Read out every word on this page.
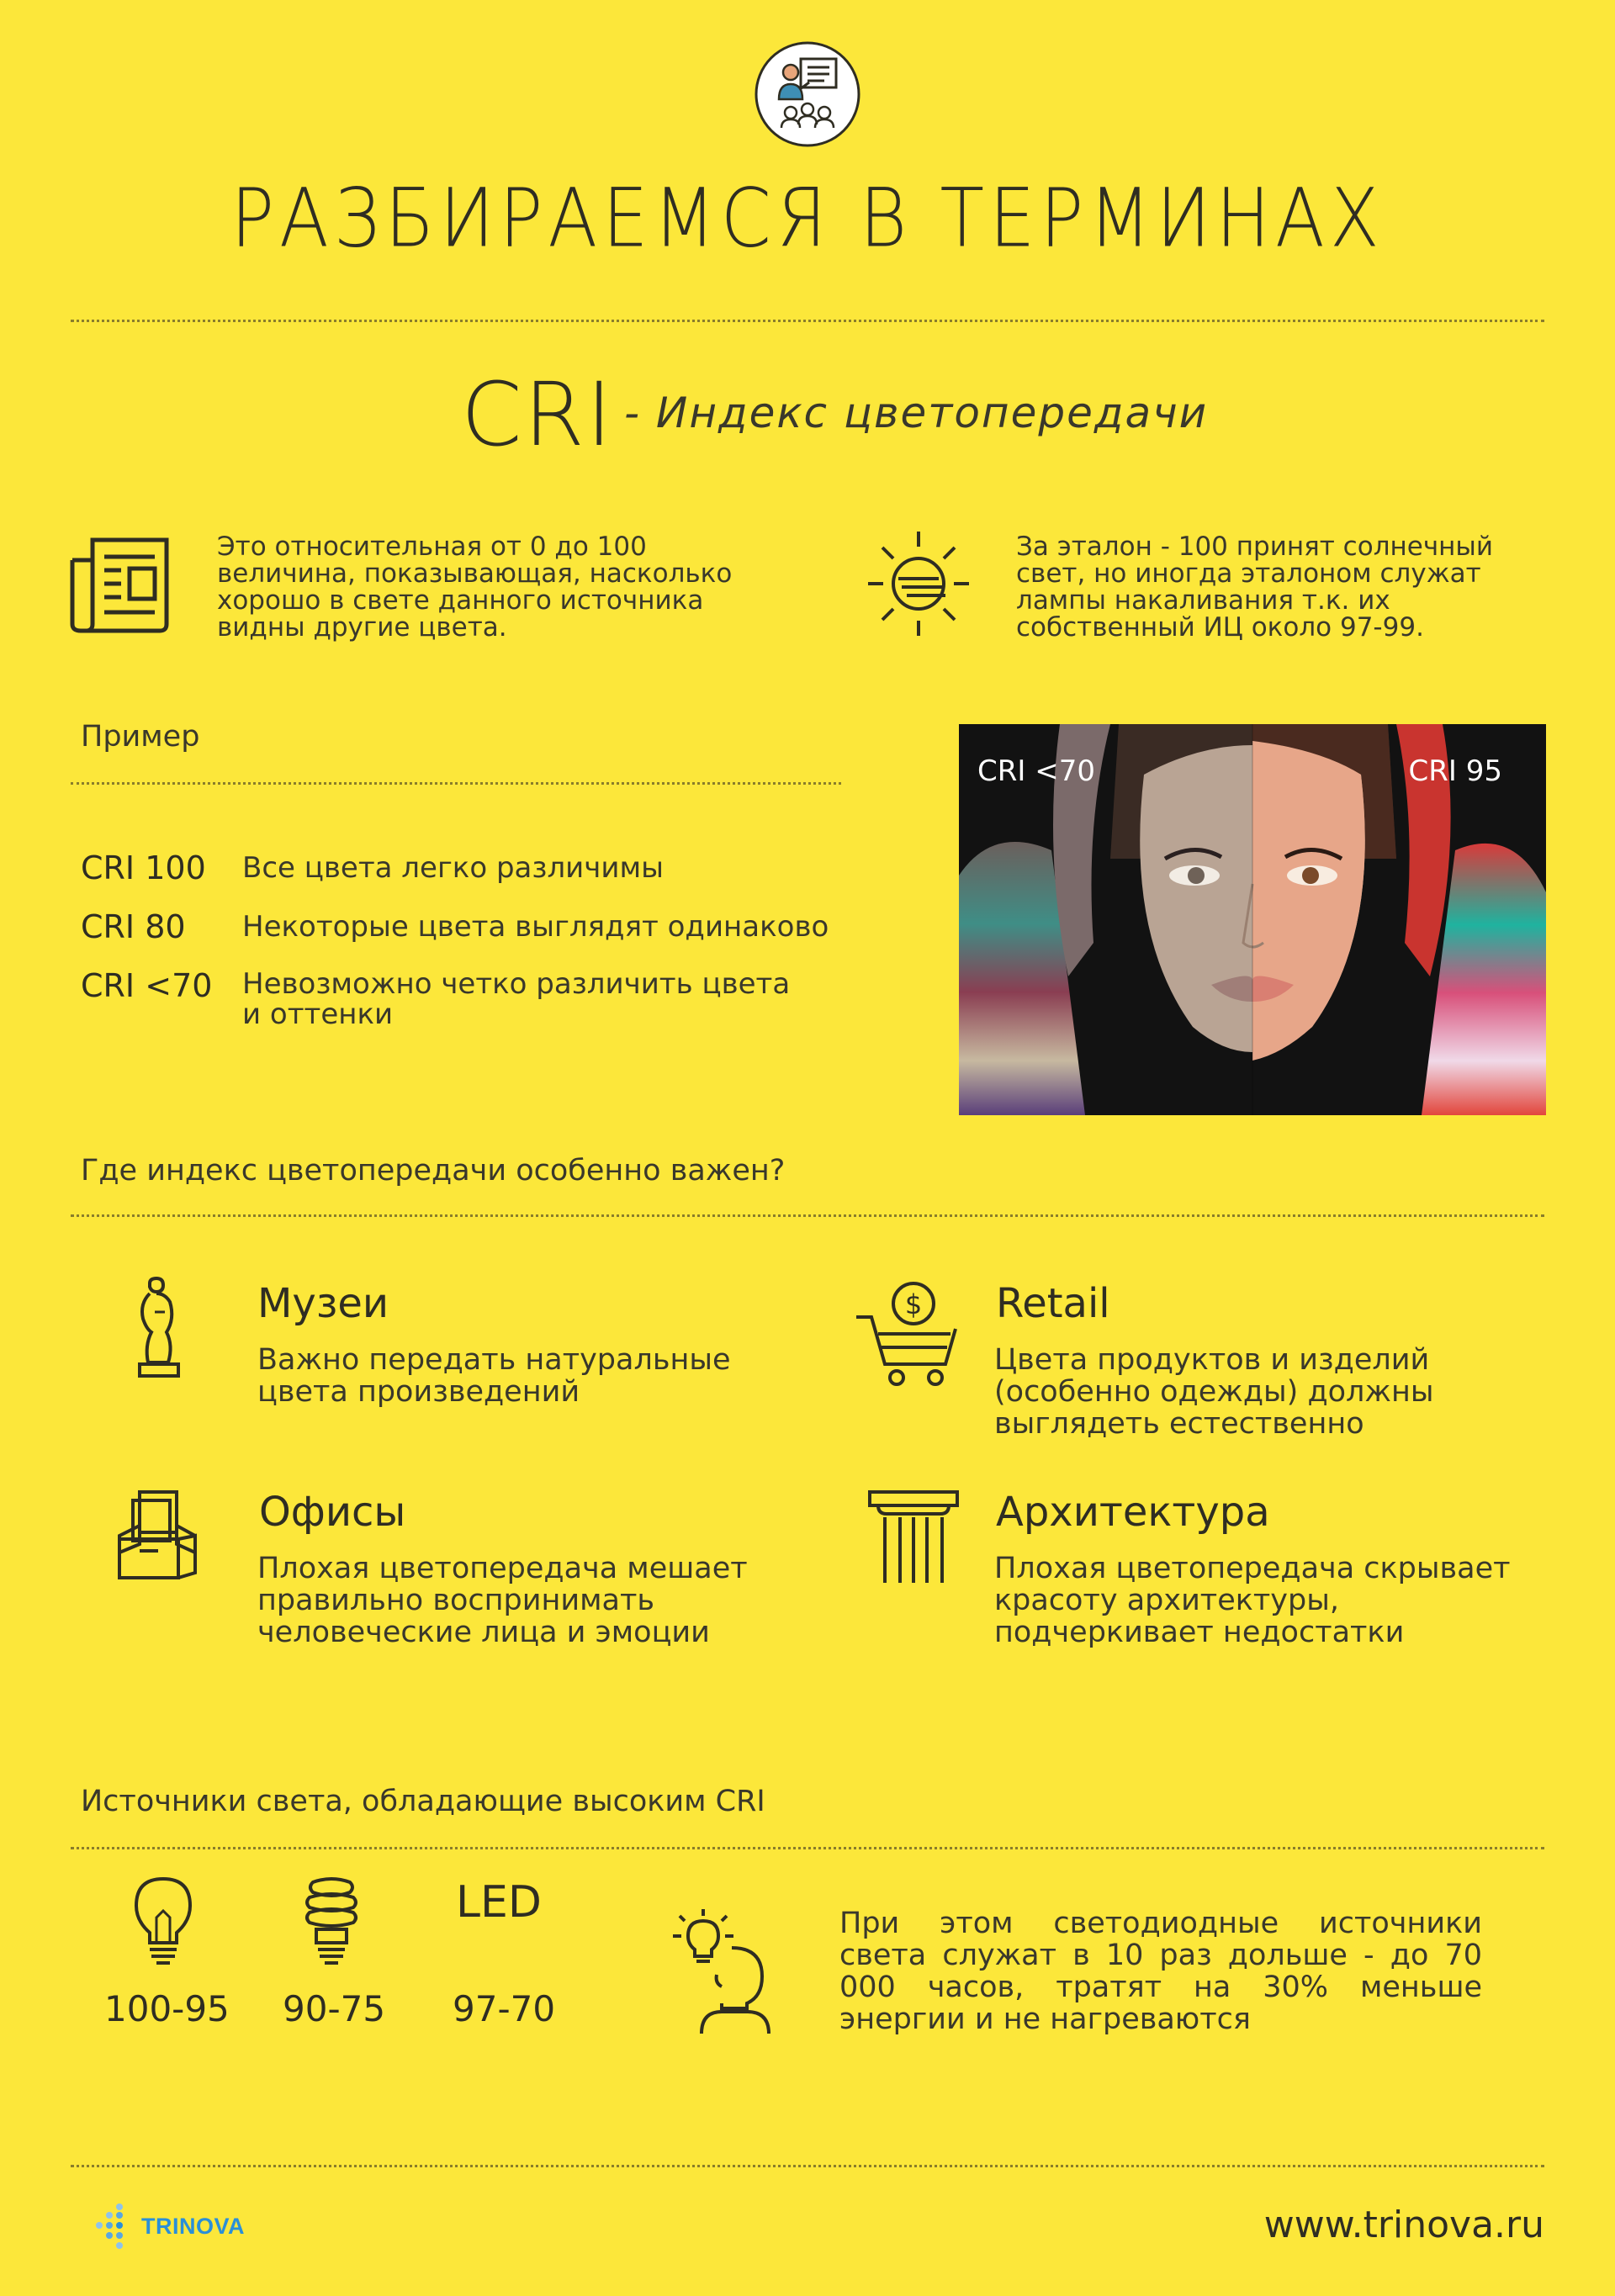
РАЗБИРАЕМСЯ В ТЕРМИНАХ
CRI - Индекс цветопередачи
Это относительная от 0 до 100 величина, показывающая, насколько хорошо в свете данного источника видны другие цвета.
За эталон - 100 принят солнечный свет, но иногда эталоном служат лампы накаливания т.к. их собственный ИЦ около 97-99.
Пример
CRI 100 Все цвета легко различимы
CRI 80 Некоторые цвета выглядят одинаково
CRI <70 Невозможно четко различить цвета и оттенки
CRI <70	CRI 95
Где индекс цветопередачи особенно важен?
Музеи
Важно передать натуральные цвета произведений
$ Retail
Цвета продуктов и изделий (особенно одежды) должны выглядеть естественно
Офисы
Плохая цветопередача мешает правильно воспринимать человеческие лица и эмоции
Архитектура
Плохая цветопередача скрывает красоту архитектуры, подчеркивает недостатки
Источники света, обладающие высоким CRI
100-95 90-75
LED
97-70
При этом светодиодные источники света служат в 10 раз дольше - до 70 000 часов, тратят на 30% меньше энергии и не нагреваются
TRINOVA	www.trinova.ru
